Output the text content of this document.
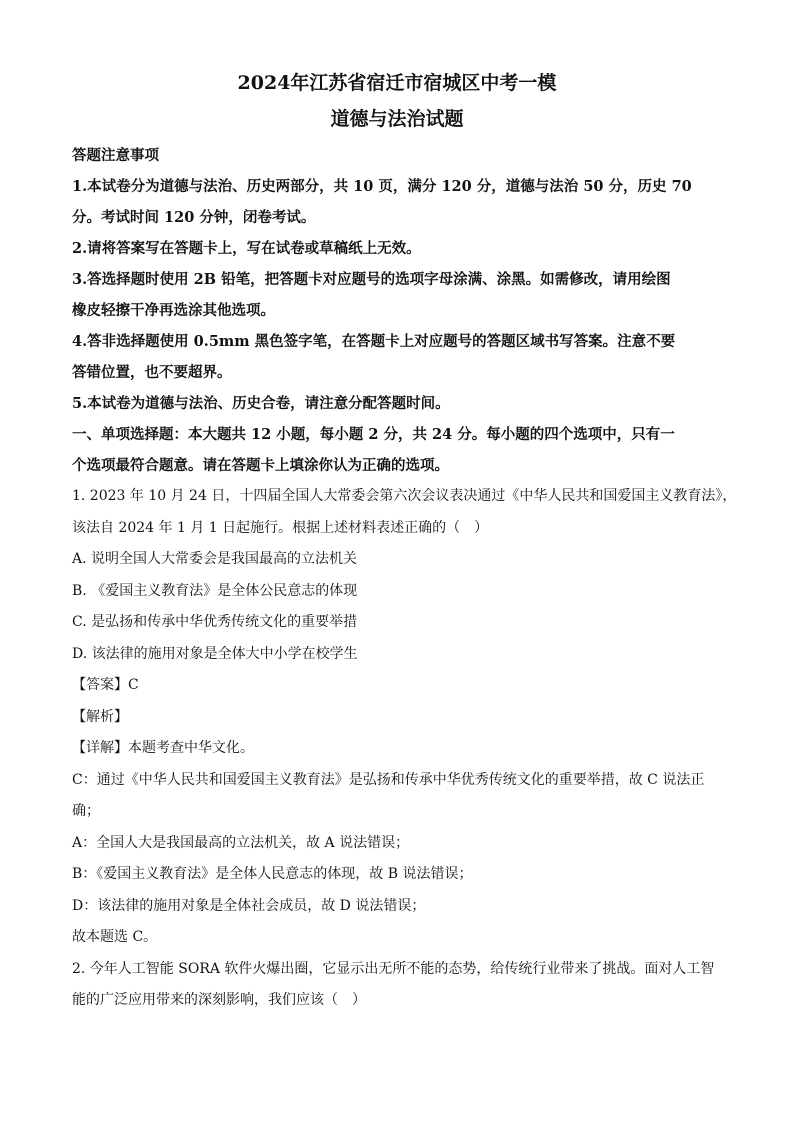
2024年江苏省宿迁市宿城区中考一模
道德与法治试题
答题注意事项
1.本试卷分为道德与法治、历史两部分，共 10 页，满分 120 分，道德与法治 50 分，历史 70
分。考试时间 120 分钟，闭卷考试。
2.请将答案写在答题卡上，写在试卷或草稿纸上无效。
3.答选择题时使用 2B 铅笔，把答题卡对应题号的选项字母涂满、涂黑。如需修改，请用绘图
橡皮轻擦干净再选涂其他选项。
4.答非选择题使用 0.5mm 黑色签字笔，在答题卡上对应题号的答题区域书写答案。注意不要
答错位置，也不要超界。
5.本试卷为道德与法治、历史合卷，请注意分配答题时间。
一、单项选择题：本大题共 12 小题，每小题 2 分，共 24 分。每小题的四个选项中，只有一
个选项最符合题意。请在答题卡上填涂你认为正确的选项。
1. 2023 年 10 月 24 日，十四届全国人大常委会第六次会议表决通过《中华人民共和国爱国主义教育法》，
该法自 2024 年 1 月 1 日起施行。根据上述材料表述正确的（　）
A. 说明全国人大常委会是我国最高的立法机关
B. 《爱国主义教育法》是全体公民意志的体现
C. 是弘扬和传承中华优秀传统文化的重要举措
D. 该法律的施用对象是全体大中小学在校学生
【答案】C
【解析】
【详解】本题考查中华文化。
C：通过《中华人民共和国爱国主义教育法》是弘扬和传承中华优秀传统文化的重要举措，故 C 说法正
确；
A：全国人大是我国最高的立法机关，故 A 说法错误；
B：《爱国主义教育法》是全体人民意志的体现，故 B 说法错误；
D：该法律的施用对象是全体社会成员，故 D 说法错误；
故本题选 C。
2. 今年人工智能 SORA 软件火爆出圈，它显示出无所不能的态势，给传统行业带来了挑战。面对人工智
能的广泛应用带来的深刻影响，我们应该（　）
